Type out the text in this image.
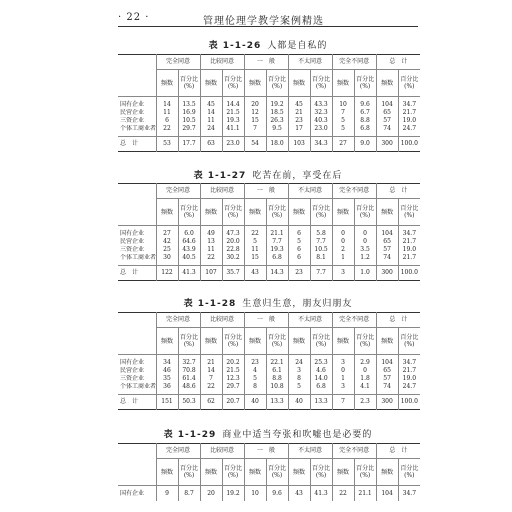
· 22 ·	管理伦理学教学案例精选
表 1-1-26 人都是自私的
	完全同意		比较同意		一　般		不太同意		完全不同意		总　计	
	频数	百分比(%)	频数	百分比(%)	频数	百分比(%)	频数	百分比(%)	频数	百分比(%)	频数	百分比(%)
国有企业	14	13.5	45	14.4	20	19.2	45	43.3	10	9.6	104	34.7
民营企业	11	16.9	14	21.5	12	18.5	21	32.3	7	6.7	65	21.7
三资企业	6	10.5	11	19.3	15	26.3	23	40.3	5	8.8	57	19.0
个体工商业者	22	29.7	24	41.1	7	9.5	17	23.0	5	6.8	74	24.7
总　计	53	17.7	63	23.0	54	18.0	103	34.3	27	9.0	300	100.0
表 1-1-27 吃苦在前，享受在后
	完全同意		比较同意		一　般		不太同意		完全不同意		总　计	
	频数	百分比(%)	频数	百分比(%)	频数	百分比(%)	频数	百分比(%)	频数	百分比(%)	频数	百分比(%)
国有企业	27	6.0	49	47.3	22	21.1	6	5.8	0	0	104	34.7
民营企业	42	64.6	13	20.0	5	7.7	5	7.7	0	0	65	21.7
三资企业	25	43.9	11	22.8	11	19.3	6	10.5	2	3.5	57	19.0
个体工商业者	30	40.5	22	30.2	15	6.8	6	8.1	1	1.2	74	21.7
总　计	122	41.3	107	35.7	43	14.3	23	7.7	3	1.0	300	100.0
表 1-1-28 生意归生意，朋友归朋友
	完全同意		比较同意		一　般		不太同意		完全不同意		总　计	
	频数	百分比(%)	频数	百分比(%)	频数	百分比(%)	频数	百分比(%)	频数	百分比(%)	频数	百分比(%)
国有企业	34	32.7	21	20.2	23	22.1	24	25.3	3	2.9	104	34.7
民营企业	46	70.8	14	21.5	4	6.1	3	4.6	0	0	65	21.7
三资企业	35	61.4	7	12.3	5	8.8	8	14.0	1	1.8	57	19.0
个体工商业者	36	48.6	22	29.7	8	10.8	5	6.8	3	4.1	74	24.7
总　计	151	50.3	62	20.7	40	13.3	40	13.3	7	2.3	300	100.0
表 1-1-29 商业中适当夸张和吹嘘也是必要的
	完全同意		比较同意		一　般		不太同意		完全不同意		总　计	
	频数	百分比(%)	频数	百分比(%)	频数	百分比(%)	频数	百分比(%)	频数	百分比(%)	频数	百分比(%)
国有企业	9	8.7	20	19.2	10	9.6	43	41.3	22	21.1	104	34.7
